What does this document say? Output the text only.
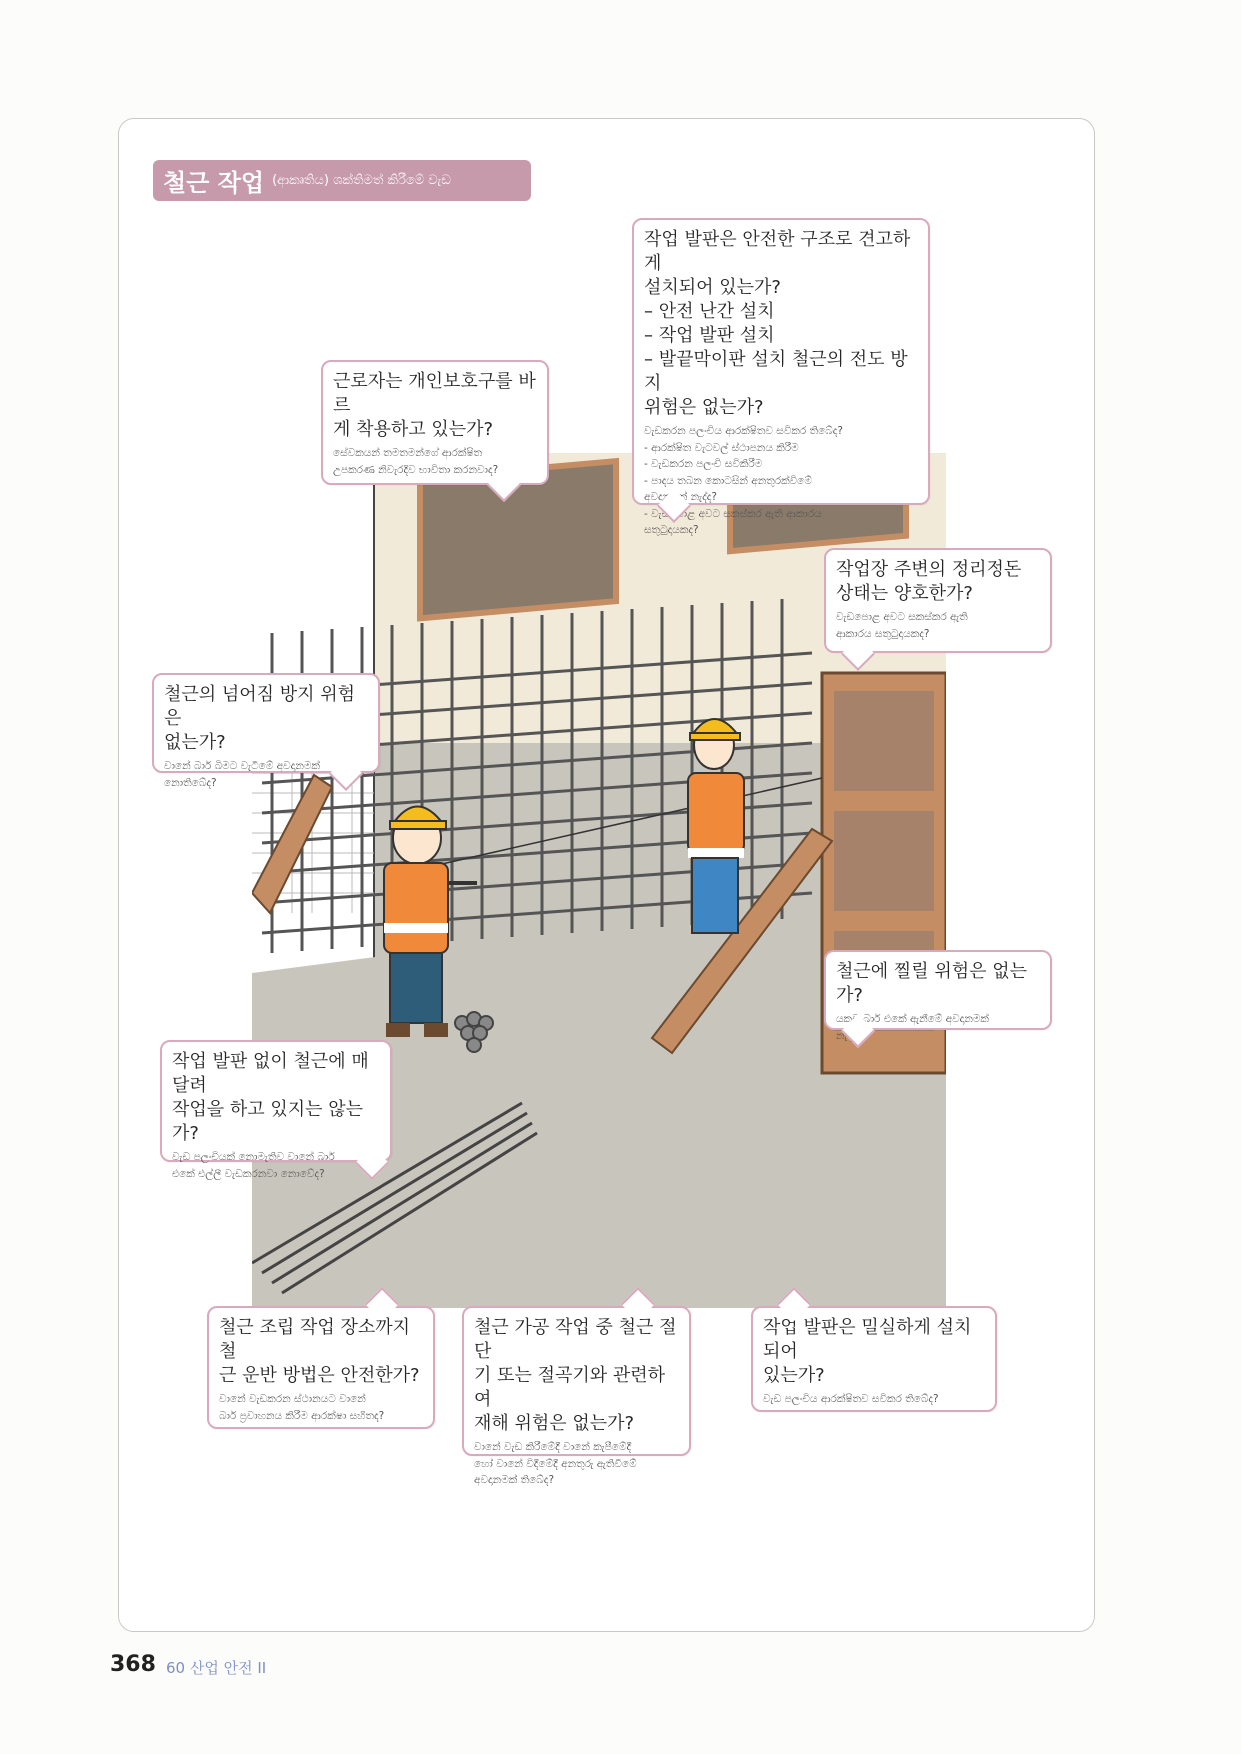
철근 작업 (ආකෘතිය) ශක්තිමත් කිරීමේ වැඩ
작업 발판은 안전한 구조로 견고하게
설치되어 있는가?
– 안전 난간 설치
– 작업 발판 설치
– 발끝막이판 설치 철근의 전도 방지
위험은 없는가?
වැඩකරන පලංචිය ආරක්ෂිතව සවිකර තිබේද?
- ආරක්ෂිත වැටවල් ස්ථාපනය කිරීම
- වැඩකරන පලංචි සවිකිරීම
- පාදය තබන කොටසින් අනතුරක්විමේ
අවදානමක් නැද්ද?
- වැඩපොළ අවට සකස්කර ඇති ආකාරය
සතුටුදායකද?
근로자는 개인보호구를 바르
게 착용하고 있는가?
සේවකයන් තමතමන්ගේ ආරක්ෂිත
උපකරණ නිවැරදිව භාවිතා කරනවාද?
작업장 주변의 정리정돈
상태는 양호한가?
වැඩපොළ අවට සකස්කර ඇති
ආකාරය සතුටුදායකද?
철근의 넘어짐 방지 위험은
없는가?
වානේ බාර් බිමට වැටීමේ අවදානමක්
නොතිබේද?
철근에 찔릴 위험은 없는가?
යකඩ බාර් එකේ ඇනීමේ අවදානමක්
නැද්ද?
작업 발판 없이 철근에 매달려
작업을 하고 있지는 않는가?
වැඩ පලංචියක් නොමැතිව වානේ බාර්
එකේ එල්ලී වැඩකරනවා නොවේද?
철근 조립 작업 장소까지 철
근 운반 방법은 안전한가?
වානේ වැඩකරන ස්ථානයට වානේ
බාර් ප්‍රවාහනය කිරීම ආරක්ෂා සහිතද?
철근 가공 작업 중 철근 절단
기 또는 절곡기와 관련하여
재해 위험은 없는가?
වානේ වැඩ කිරීමේදී වානේ කැපීමේදී
හෝ වානේ විදීමේදී අනතුරු ඇතිවීමේ
අවදානමක් තිබේද?
작업 발판은 밀실하게 설치되어
있는가?
වැඩ පලංචිය ආරක්ෂිතව සවිකර තිබේද?
368 60 산업 안전 II
